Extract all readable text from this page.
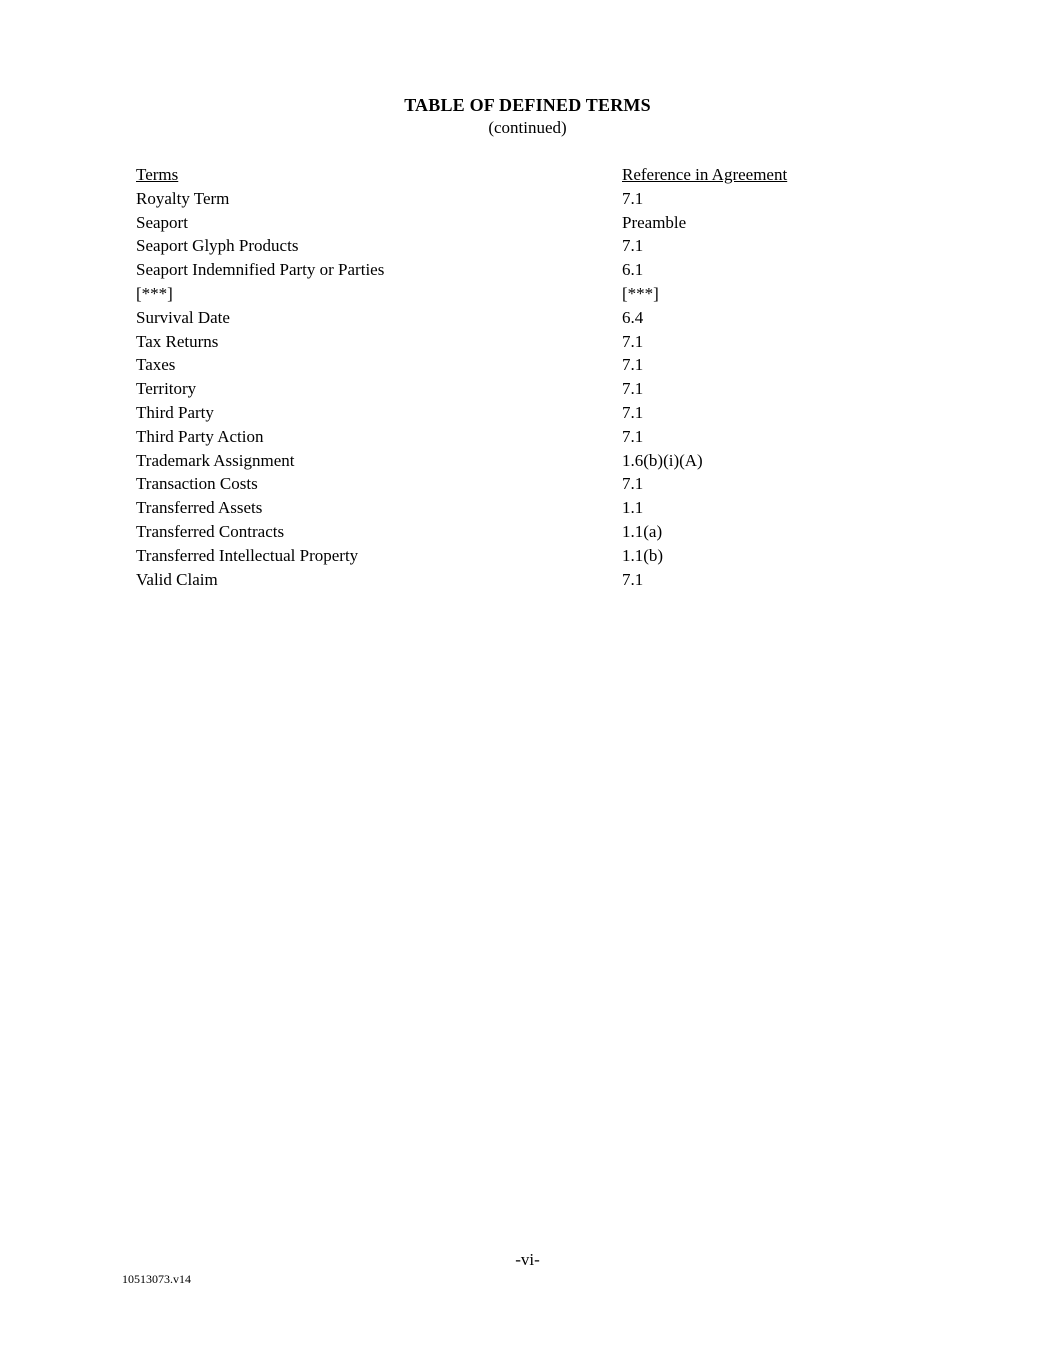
TABLE OF DEFINED TERMS
(continued)
Terms	Reference in Agreement
Royalty Term	7.1
Seaport	Preamble
Seaport Glyph Products	7.1
Seaport Indemnified Party or Parties	6.1
[***]	[***]
Survival Date	6.4
Tax Returns	7.1
Taxes	7.1
Territory	7.1
Third Party	7.1
Third Party Action	7.1
Trademark Assignment	1.6(b)(i)(A)
Transaction Costs	7.1
Transferred Assets	1.1
Transferred Contracts	1.1(a)
Transferred Intellectual Property	1.1(b)
Valid Claim	7.1
-vi-
10513073.v14
